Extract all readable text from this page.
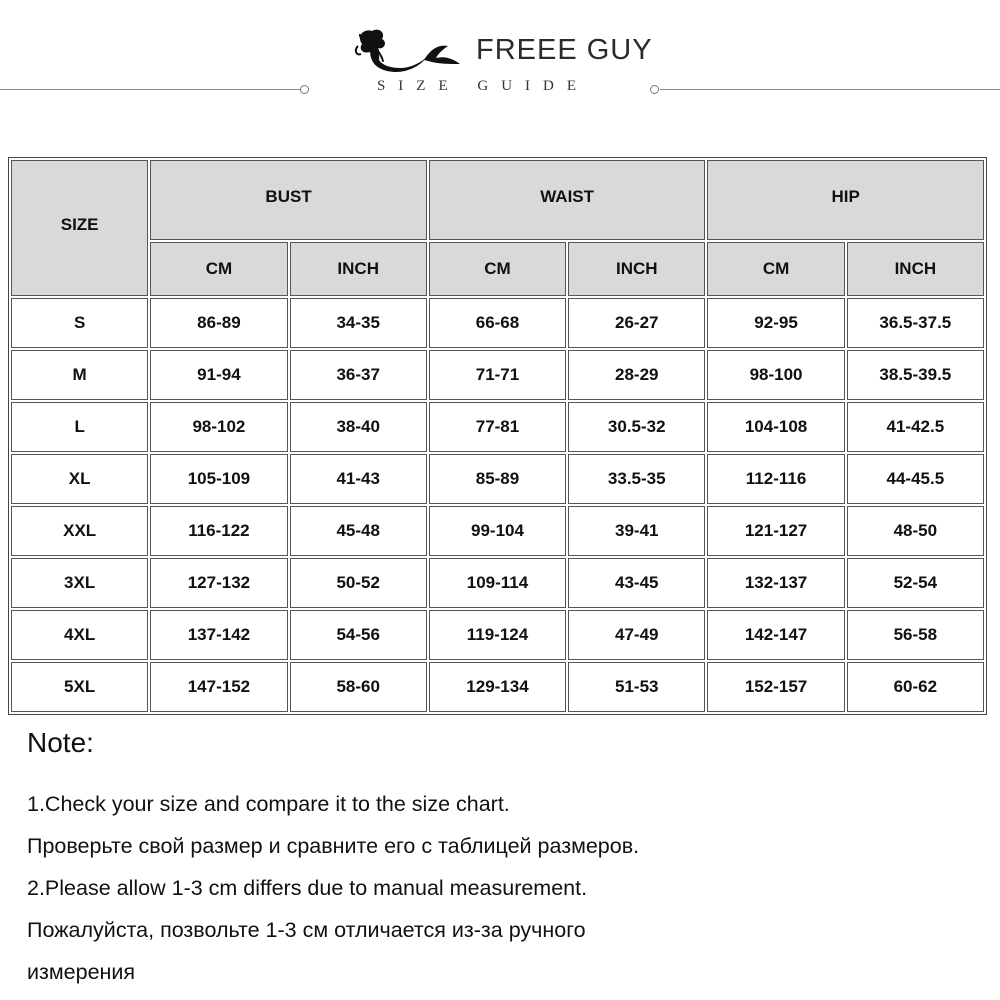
FREEE GUY
SIZE GUIDE
SIZE	BUST		WAIST		HIP	
	CM	INCH	CM	INCH	CM	INCH
S	86-89	34-35	66-68	26-27	92-95	36.5-37.5
M	91-94	36-37	71-71	28-29	98-100	38.5-39.5
L	98-102	38-40	77-81	30.5-32	104-108	41-42.5
XL	105-109	41-43	85-89	33.5-35	112-116	44-45.5
XXL	116-122	45-48	99-104	39-41	121-127	48-50
3XL	127-132	50-52	109-114	43-45	132-137	52-54
4XL	137-142	54-56	119-124	47-49	142-147	56-58
5XL	147-152	58-60	129-134	51-53	152-157	60-62

Note:

1.Check your size and compare it to the size chart.

Проверьте свой размер и сравните его с таблицей размеров.

2.Please allow 1-3 cm differs due to manual measurement.

Пожалуйста, позвольте 1-3 см отличается из-за ручного

измерения
